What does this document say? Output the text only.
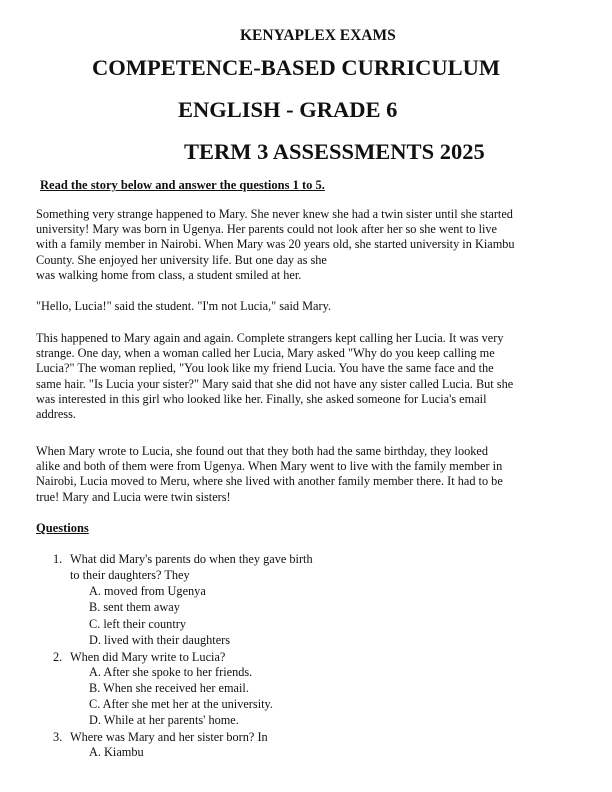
KENYAPLEX EXAMS
COMPETENCE-BASED CURRICULUM
ENGLISH - GRADE 6
TERM 3 ASSESSMENTS 2025
Read the story below and answer the questions 1 to 5.
Something very strange happened to Mary. She never knew she had a twin sister until she started
university! Mary was born in Ugenya. Her parents could not look after her so she went to live
with a family member in Nairobi. When Mary was 20 years old, she started university in Kiambu
County. She enjoyed her university life. But one day as she
was walking home from class, a student smiled at her.
"Hello, Lucia!" said the student. "I'm not Lucia," said Mary.
This happened to Mary again and again. Complete strangers kept calling her Lucia. It was very
strange. One day, when a woman called her Lucia, Mary asked "Why do you keep calling me
Lucia?" The woman replied, "You look like my friend Lucia. You have the same face and the
same hair. "Is Lucia your sister?" Mary said that she did not have any sister called Lucia. But she
was interested in this girl who looked like her. Finally, she asked someone for Lucia's email
address.
When Mary wrote to Lucia, she found out that they both had the same birthday, they looked
alike and both of them were from Ugenya. When Mary went to live with the family member in
Nairobi, Lucia moved to Meru, where she lived with another family member there. It had to be
true! Mary and Lucia were twin sisters!
Questions
1. What did Mary's parents do when they gave birth
to their daughters? They
A. moved from Ugenya
B. sent them away
C. left their country
D. lived with their daughters
2. When did Mary write to Lucia?
A. After she spoke to her friends.
B. When she received her email.
C. After she met her at the university.
D. While at her parents' home.
3. Where was Mary and her sister born? In
A. Kiambu
